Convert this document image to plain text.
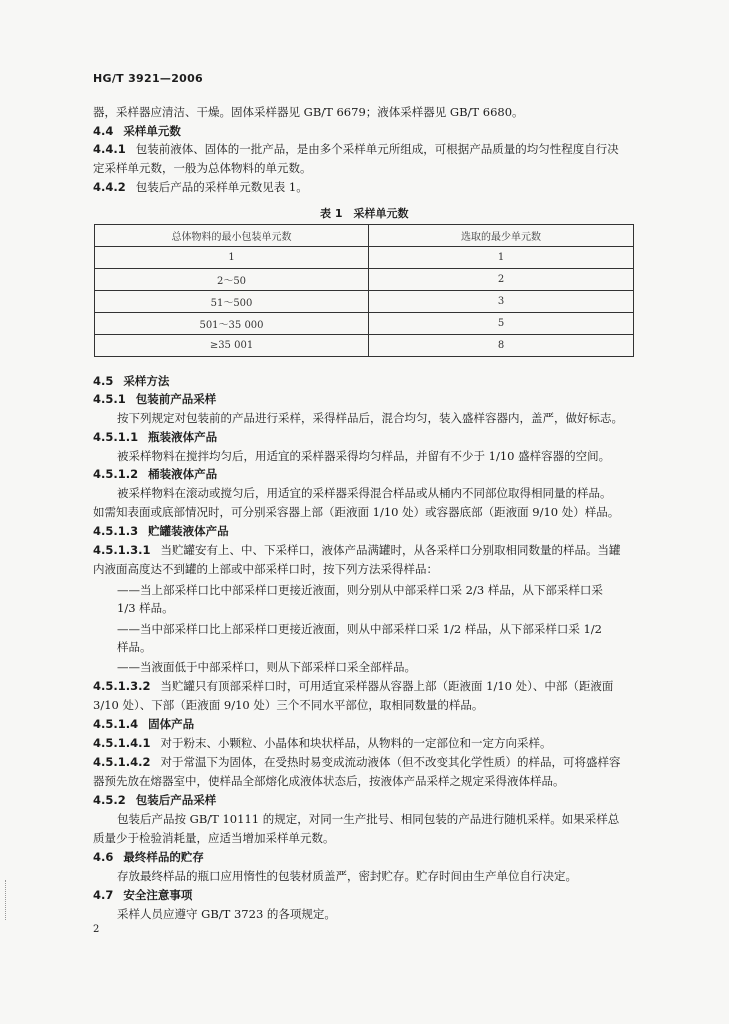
HG/T 3921—2006
器，采样器应清洁、干燥。固体采样器见 GB/T 6679；液体采样器见 GB/T 6680。
4.4 采样单元数
4.4.1 包装前液体、固体的一批产品，是由多个采样单元所组成，可根据产品质量的均匀性程度自行决
定采样单元数，一般为总体物料的单元数。
4.4.2 包装后产品的采样单元数见表 1。
表 1　采样单元数
总体物料的最小包装单元数	选取的最少单元数
1	1
2～50	2
51～500	3
501～35 000	5
≥35 001	8
4.5 采样方法
4.5.1 包装前产品采样
按下列规定对包装前的产品进行采样，采得样品后，混合均匀，装入盛样容器内，盖严，做好标志。
4.5.1.1 瓶装液体产品
被采样物料在搅拌均匀后，用适宜的采样器采得均匀样品，并留有不少于 1/10 盛样容器的空间。
4.5.1.2 桶装液体产品
被采样物料在滚动或搅匀后，用适宜的采样器采得混合样品或从桶内不同部位取得相同量的样品。
如需知表面或底部情况时，可分别采容器上部（距液面 1/10 处）或容器底部（距液面 9/10 处）样品。
4.5.1.3 贮罐装液体产品
4.5.1.3.1 当贮罐安有上、中、下采样口，液体产品满罐时，从各采样口分别取相同数量的样品。当罐
内液面高度达不到罐的上部或中部采样口时，按下列方法采得样品：
——当上部采样口比中部采样口更接近液面，则分别从中部采样口采 2/3 样品，从下部采样口采
1/3 样品。
——当中部采样口比上部采样口更接近液面，则从中部采样口采 1/2 样品，从下部采样口采 1/2
样品。
——当液面低于中部采样口，则从下部采样口采全部样品。
4.5.1.3.2 当贮罐只有顶部采样口时，可用适宜采样器从容器上部（距液面 1/10 处）、中部（距液面
3/10 处）、下部（距液面 9/10 处）三个不同水平部位，取相同数量的样品。
4.5.1.4 固体产品
4.5.1.4.1 对于粉末、小颗粒、小晶体和块状样品，从物料的一定部位和一定方向采样。
4.5.1.4.2 对于常温下为固体，在受热时易变成流动液体（但不改变其化学性质）的样品，可将盛样容
器预先放在熔器室中，使样品全部熔化成液体状态后，按液体产品采样之规定采得液体样品。
4.5.2 包装后产品采样
包装后产品按 GB/T 10111 的规定，对同一生产批号、相同包装的产品进行随机采样。如果采样总
质量少于检验消耗量，应适当增加采样单元数。
4.6 最终样品的贮存
存放最终样品的瓶口应用惰性的包装材质盖严，密封贮存。贮存时间由生产单位自行决定。
4.7 安全注意事项
采样人员应遵守 GB/T 3723 的各项规定。
2
